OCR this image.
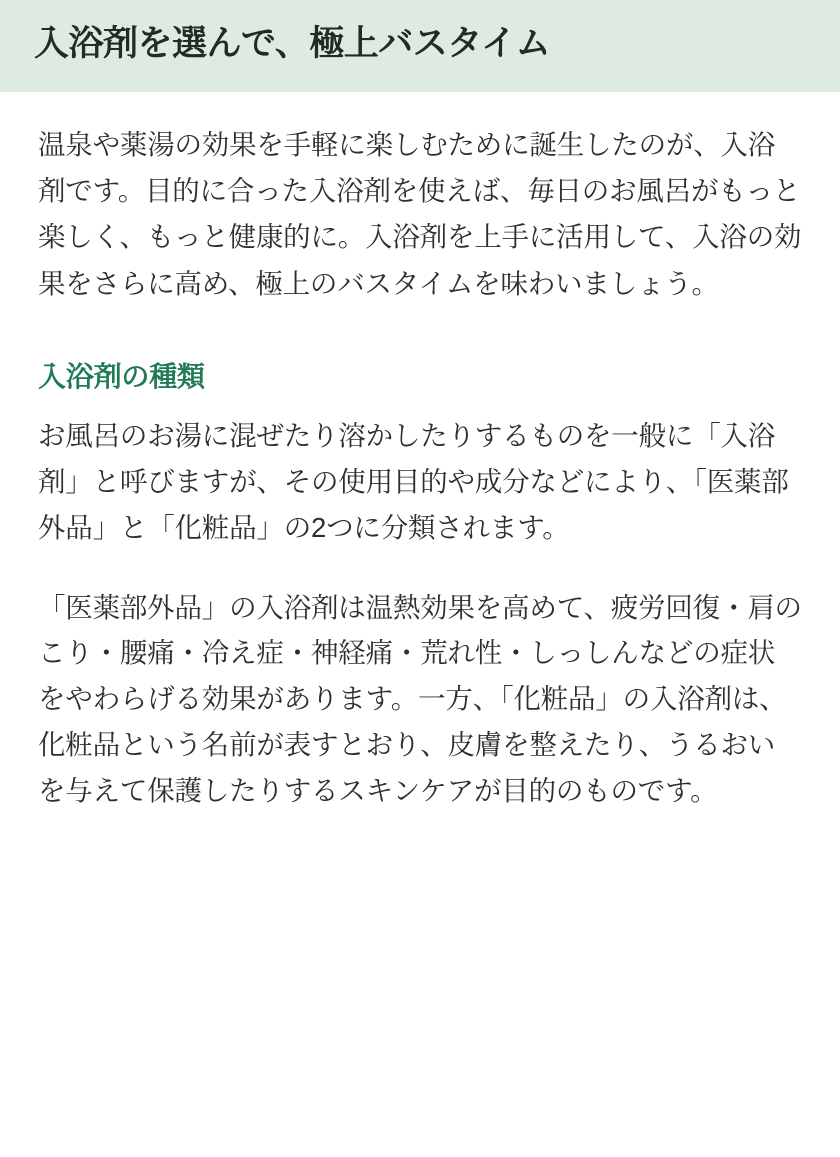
入浴剤を選んで、極上バスタイム

温泉や薬湯の効果を手軽に楽しむために誕生したのが、入浴剤です。目的に合った入浴剤を使えば、毎日のお風呂がもっと楽しく、もっと健康的に。入浴剤を上手に活用して、入浴の効果をさらに高め、極上のバスタイムを味わいましょう。

入浴剤の種類

お風呂のお湯に混ぜたり溶かしたりするものを一般に「入浴剤」と呼びますが、その使用目的や成分などにより、「医薬部外品」と「化粧品」の2つに分類されます。

「医薬部外品」の入浴剤は温熱効果を高めて、疲労回復・肩のこり・腰痛・冷え症・神経痛・荒れ性・しっしんなどの症状をやわらげる効果があります。一方、「化粧品」の入浴剤は、化粧品という名前が表すとおり、皮膚を整えたり、うるおいを与えて保護したりするスキンケアが目的のものです。
